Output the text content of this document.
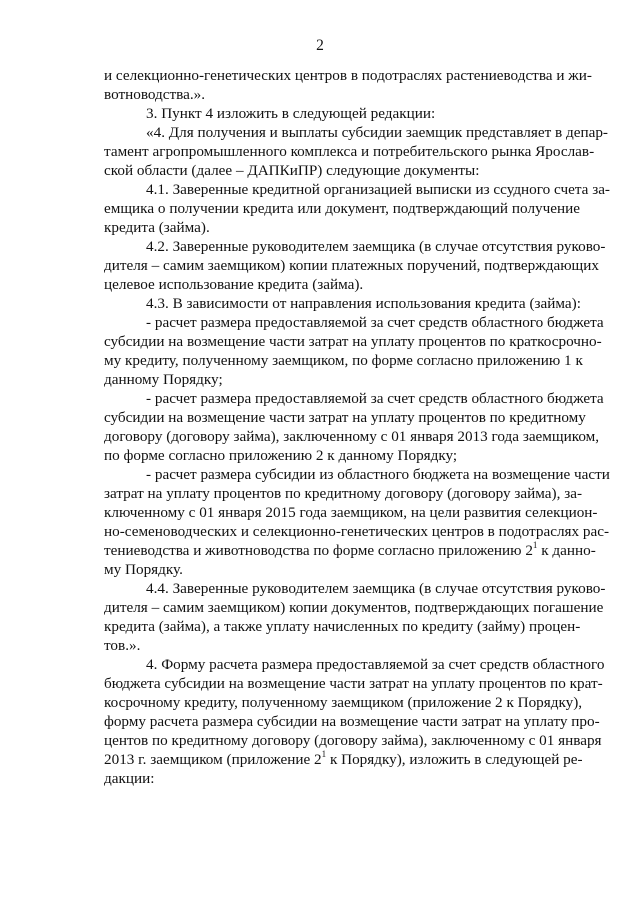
2
и селекционно-генетических центров в подотраслях растениеводства и жи-
вотноводства.».
3. Пункт 4 изложить в следующей редакции:
«4. Для получения и выплаты субсидии заемщик представляет в депар-
тамент агропромышленного комплекса и потребительского рынка Ярослав-
ской области (далее – ДАПКиПР) следующие документы:
4.1. Заверенные кредитной организацией выписки из ссудного счета за-
емщика о получении кредита или документ, подтверждающий получение
кредита (займа).
4.2. Заверенные руководителем заемщика (в случае отсутствия руково-
дителя – самим заемщиком) копии платежных поручений, подтверждающих
целевое использование кредита (займа).
4.3. В зависимости от направления использования кредита (займа):
- расчет размера предоставляемой за счет средств областного бюджета
субсидии на возмещение части затрат на уплату процентов по краткосрочно-
му кредиту, полученному заемщиком, по форме согласно приложению 1 к
данному Порядку;
- расчет размера предоставляемой за счет средств областного бюджета
субсидии на возмещение части затрат на уплату процентов по кредитному
договору (договору займа), заключенному с 01 января 2013 года заемщиком,
по форме согласно приложению 2 к данному Порядку;
- расчет размера субсидии из областного бюджета на возмещение части
затрат на уплату процентов по кредитному договору (договору займа), за-
ключенному с 01 января 2015 года заемщиком, на цели развития селекцион-
но-семеноводческих и селекционно-генетических центров в подотраслях рас-
тениеводства и животноводства по форме согласно приложению $2^1$ к данно-
му Порядку.
4.4. Заверенные руководителем заемщика (в случае отсутствия руково-
дителя – самим заемщиком) копии документов, подтверждающих погашение
кредита (займа), а также уплату начисленных по кредиту (займу) процен-
тов.».
4. Форму расчета размера предоставляемой за счет средств областного
бюджета субсидии на возмещение части затрат на уплату процентов по крат-
косрочному кредиту, полученному заемщиком (приложение 2 к Порядку),
форму расчета размера субсидии на возмещение части затрат на уплату про-
центов по кредитному договору (договору займа), заключенному с 01 января
2013 г. заемщиком (приложение $2^1$ к Порядку), изложить в следующей ре-
дакции:
